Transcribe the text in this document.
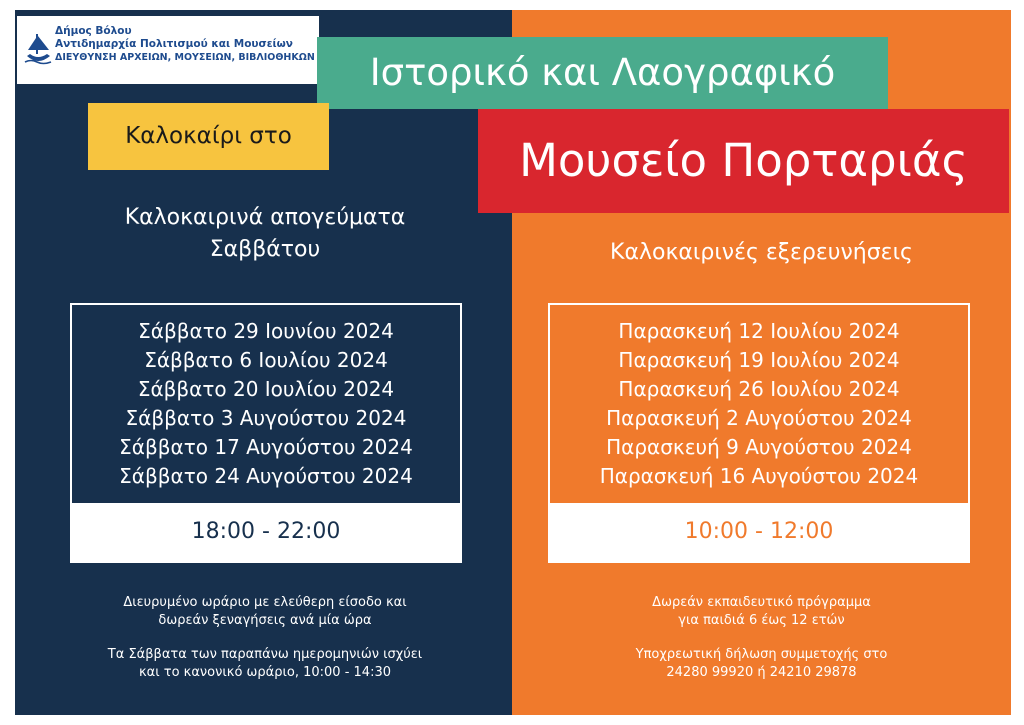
Δήμος Βόλου
Αντιδημαρχία Πολιτισμού και Μουσείων
ΔΙΕΥΘΥΝΣΗ ΑΡΧΕΙΩΝ, ΜΟΥΣΕΙΩΝ, ΒΙΒΛΙΟΘΗΚΩΝ	Ιστορικό και Λαογραφικό
Μουσείο Πορταριάς
Καλοκαίρι στο
Καλοκαιρινά απογεύματα
Σαββάτου	Καλοκαιρινές εξερευνήσεις
Σάββατο 29 Ιουνίου 2024
Σάββατο 6 Ιουλίου 2024
Σάββατο 20 Ιουλίου 2024
Σάββατο 3 Αυγούστου 2024
Σάββατο 17 Αυγούστου 2024
Σάββατο 24 Αυγούστου 2024
18:00 - 22:00
Παρασκευή 12 Ιουλίου 2024
Παρασκευή 19 Ιουλίου 2024
Παρασκευή 26 Ιουλίου 2024
Παρασκευή 2 Αυγούστου 2024
Παρασκευή 9 Αυγούστου 2024
Παρασκευή 16 Αυγούστου 2024
10:00 - 12:00
Διευρυμένο ωράριο με ελεύθερη είσοδο και
δωρεάν ξεναγήσεις ανά μία ώρα
Τα Σάββατα των παραπάνω ημερομηνιών ισχύει
και το κανονικό ωράριο, 10:00 - 14:30
Δωρεάν εκπαιδευτικό πρόγραμμα
για παιδιά 6 έως 12 ετών
Υποχρεωτική δήλωση συμμετοχής στο
24280 99920 ή 24210 29878
